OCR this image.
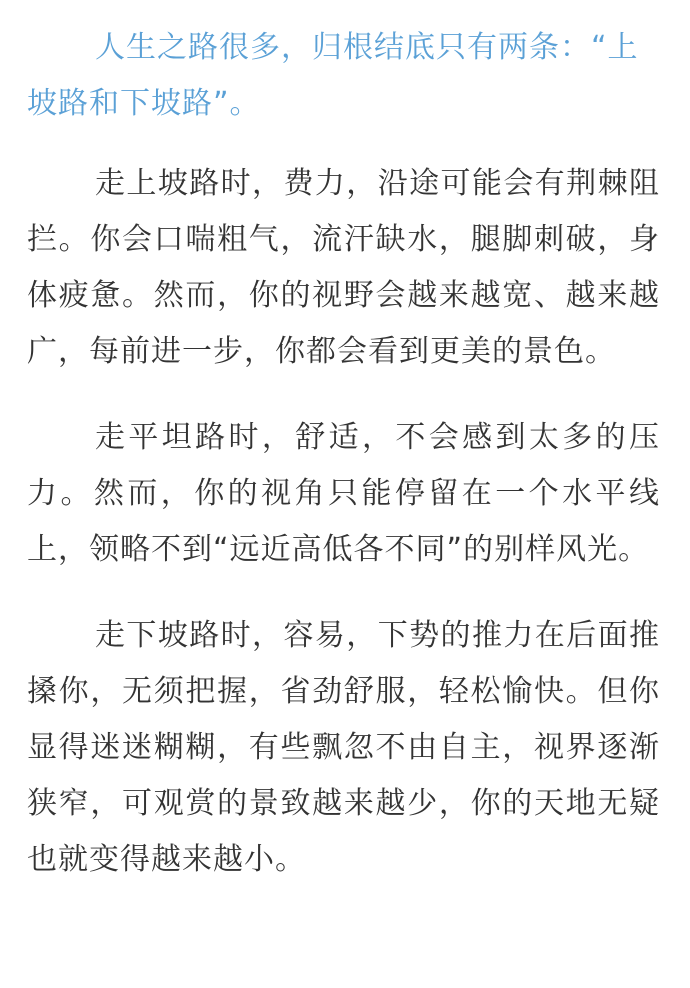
人生之路很多，归根结底只有两条：“上坡路和下坡路”。

走上坡路时，费力，沿途可能会有荆棘阻拦。你会口喘粗气，流汗缺水，腿脚刺破，身体疲惫。然而，你的视野会越来越宽、越来越广，每前进一步，你都会看到更美的景色。

走平坦路时，舒适，不会感到太多的压力。然而，你的视角只能停留在一个水平线上，领略不到“远近高低各不同”的别样风光。

走下坡路时，容易，下势的推力在后面推搡你，无须把握，省劲舒服，轻松愉快。但你显得迷迷糊糊，有些飘忽不由自主，视界逐渐狭窄，可观赏的景致越来越少，你的天地无疑也就变得越来越小。
